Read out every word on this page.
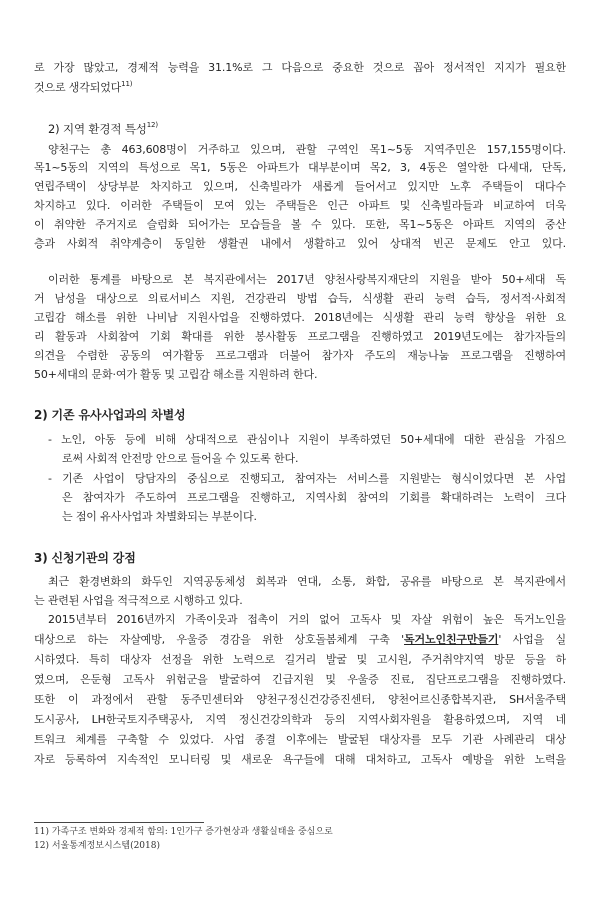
로 가장 많았고, 경제적 능력을 31.1%로 그 다음으로 중요한 것으로 꼽아 정서적인 지지가 필요한
것으로 생각되었다$^{11)}$
2) 지역 환경적 특성$^{12)}$
양천구는 총 463,608명이 거주하고 있으며, 관할 구역인 목1~5동 지역주민은 157,155명이다.
목1~5동의 지역의 특성으로 목1, 5동은 아파트가 대부분이며 목2, 3, 4동은 열악한 다세대, 단독,
연립주택이 상당부분 차지하고 있으며, 신축빌라가 새롭게 들어서고 있지만 노후 주택들이 대다수
차지하고 있다. 이러한 주택들이 모여 있는 주택들은 인근 아파트 및 신축빌라들과 비교하여 더욱
이 취약한 주거지로 슬럼화 되어가는 모습들을 볼 수 있다. 또한, 목1~5동은 아파트 지역의 중산
층과 사회적 취약계층이 동일한 생활권 내에서 생활하고 있어 상대적 빈곤 문제도 안고 있다.
이러한 통계를 바탕으로 본 복지관에서는 2017년 양천사랑복지재단의 지원을 받아 50+세대 독
거 남성을 대상으로 의료서비스 지원, 건강관리 방법 습득, 식생활 관리 능력 습득, 정서적·사회적
고립감 해소를 위한 나비남 지원사업을 진행하였다. 2018년에는 식생활 관리 능력 향상을 위한 요
리 활동과 사회참여 기회 확대를 위한 봉사활동 프로그램을 진행하였고 2019년도에는 참가자들의
의견을 수렴한 공동의 여가활동 프로그램과 더불어 참가자 주도의 재능나눔 프로그램을 진행하여
50+세대의 문화·여가 활동 및 고립감 해소를 지원하려 한다.
2) 기존 유사사업과의 차별성
- 노인, 아동 등에 비해 상대적으로 관심이나 지원이 부족하였던 50+세대에 대한 관심을 가짐으
로써 사회적 안전망 안으로 들어올 수 있도록 한다.
- 기존 사업이 당담자의 중심으로 진행되고, 참여자는 서비스를 지원받는 형식이었다면 본 사업
은 참여자가 주도하여 프로그램을 진행하고, 지역사회 참여의 기회를 확대하려는 노력이 크다
는 점이 유사사업과 차별화되는 부분이다.
3) 신청기관의 강점
최근 환경변화의 화두인 지역공동체성 회복과 연대, 소통, 화합, 공유를 바탕으로 본 복지관에서
는 관련된 사업을 적극적으로 시행하고 있다.
2015년부터 2016년까지 가족이웃과 접촉이 거의 없어 고독사 및 자살 위험이 높은 독거노인을
대상으로 하는 자살예방, 우울증 경감을 위한 상호돌봄체계 구축 '독거노인친구만들기' 사업을 실
시하였다. 특히 대상자 선정을 위한 노력으로 길거리 발굴 및 고시원, 주거취약지역 방문 등을 하
였으며, 은둔형 고독사 위험군을 발굴하여 긴급지원 및 우울증 진료, 집단프로그램을 진행하였다.
또한 이 과정에서 관할 동주민센터와 양천구정신건강증진센터, 양천어르신종합복지관, SH서울주택
도시공사, LH한국토지주택공사, 지역 정신건강의학과 등의 지역사회자원을 활용하였으며, 지역 네
트워크 체계를 구축할 수 있었다. 사업 종결 이후에는 발굴된 대상자를 모두 기관 사례관리 대상
자로 등록하여 지속적인 모니터링 및 새로운 욕구들에 대해 대처하고, 고독사 예방을 위한 노력을
11) 가족구조 변화와 경제적 함의: 1인가구 증가현상과 생활실태을 중심으로
12) 서울통계정보시스템(2018)
